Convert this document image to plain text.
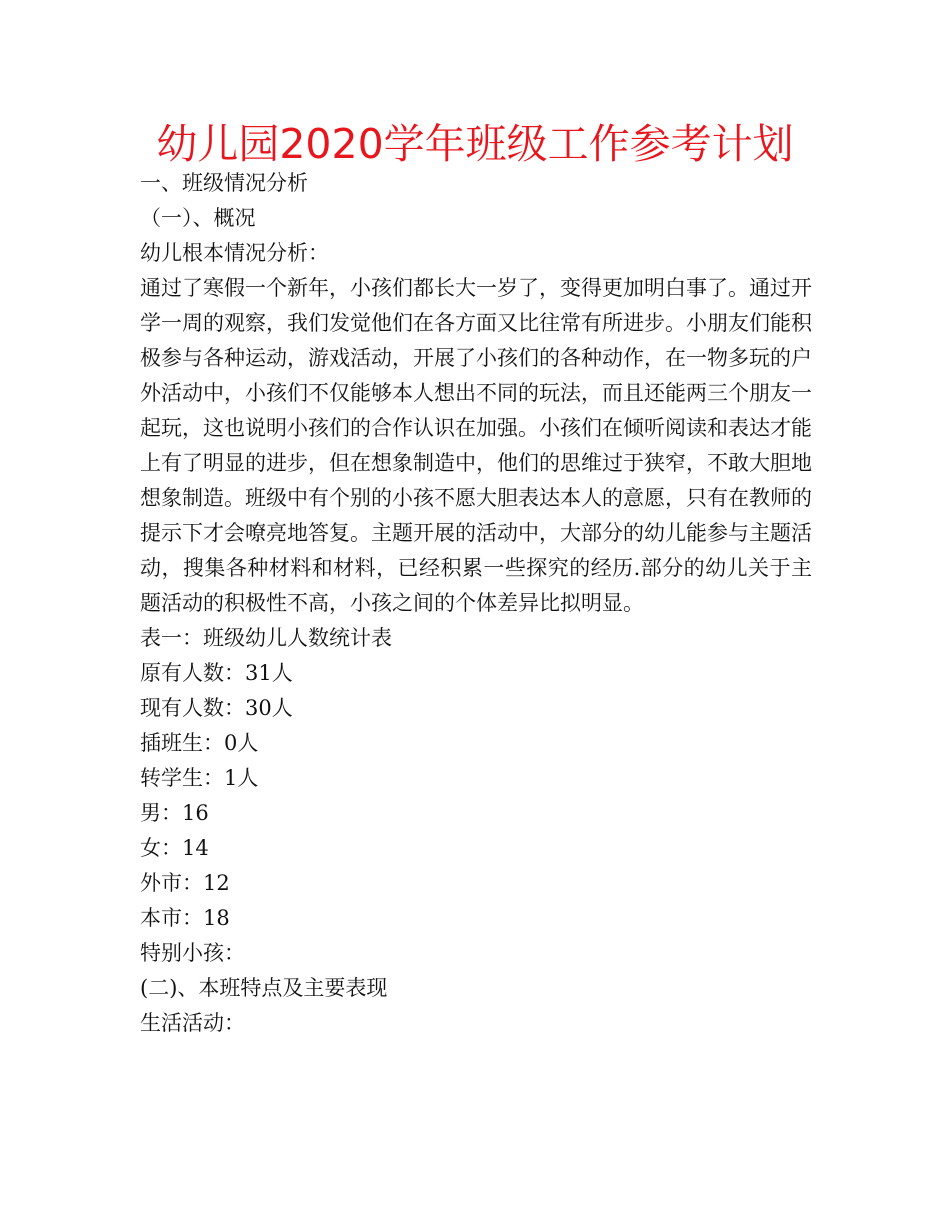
幼儿园2020学年班级工作参考计划
一、班级情况分析
（一）、概况
幼儿根本情况分析：
通过了寒假一个新年，小孩们都长大一岁了，变得更加明白事了。通过开学一周的观察，我们发觉他们在各方面又比往常有所进步。小朋友们能积极参与各种运动，游戏活动，开展了小孩们的各种动作，在一物多玩的户外活动中，小孩们不仅能够本人想出不同的玩法，而且还能两三个朋友一起玩，这也说明小孩们的合作认识在加强。小孩们在倾听阅读和表达才能上有了明显的进步，但在想象制造中，他们的思维过于狭窄，不敢大胆地想象制造。班级中有个别的小孩不愿大胆表达本人的意愿，只有在教师的提示下才会嘹亮地答复。主题开展的活动中，大部分的幼儿能参与主题活动，搜集各种材料和材料，已经积累一些探究的经历.部分的幼儿关于主题活动的积极性不高，小孩之间的个体差异比拟明显。
表一：班级幼儿人数统计表
原有人数：31人
现有人数：30人
插班生：0人
转学生：1人
男：16
女：14
外市：12
本市：18
特别小孩：
(二)、本班特点及主要表现
生活活动：
